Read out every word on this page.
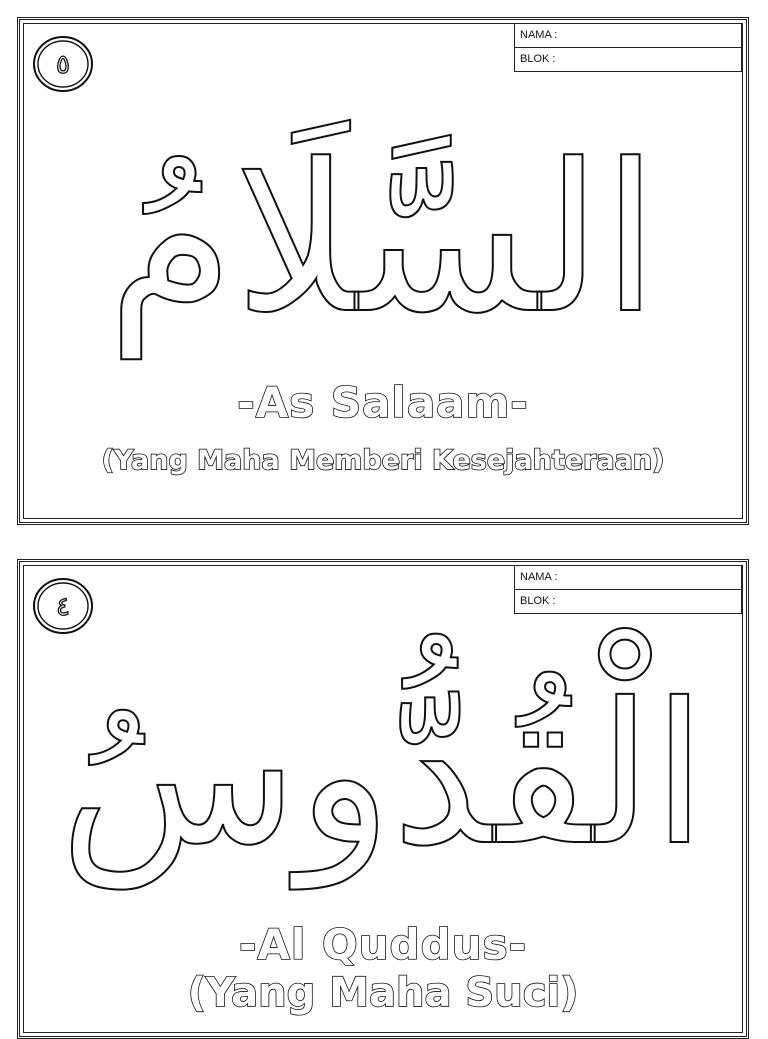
NAMA :
BLOK :
٥
السَّلَامُ
-As Salaam-
(Yang Maha Memberi Kesejahteraan)
NAMA :
BLOK :
٤
الْقُدُّوسُ
-Al Quddus-
(Yang Maha Suci)
